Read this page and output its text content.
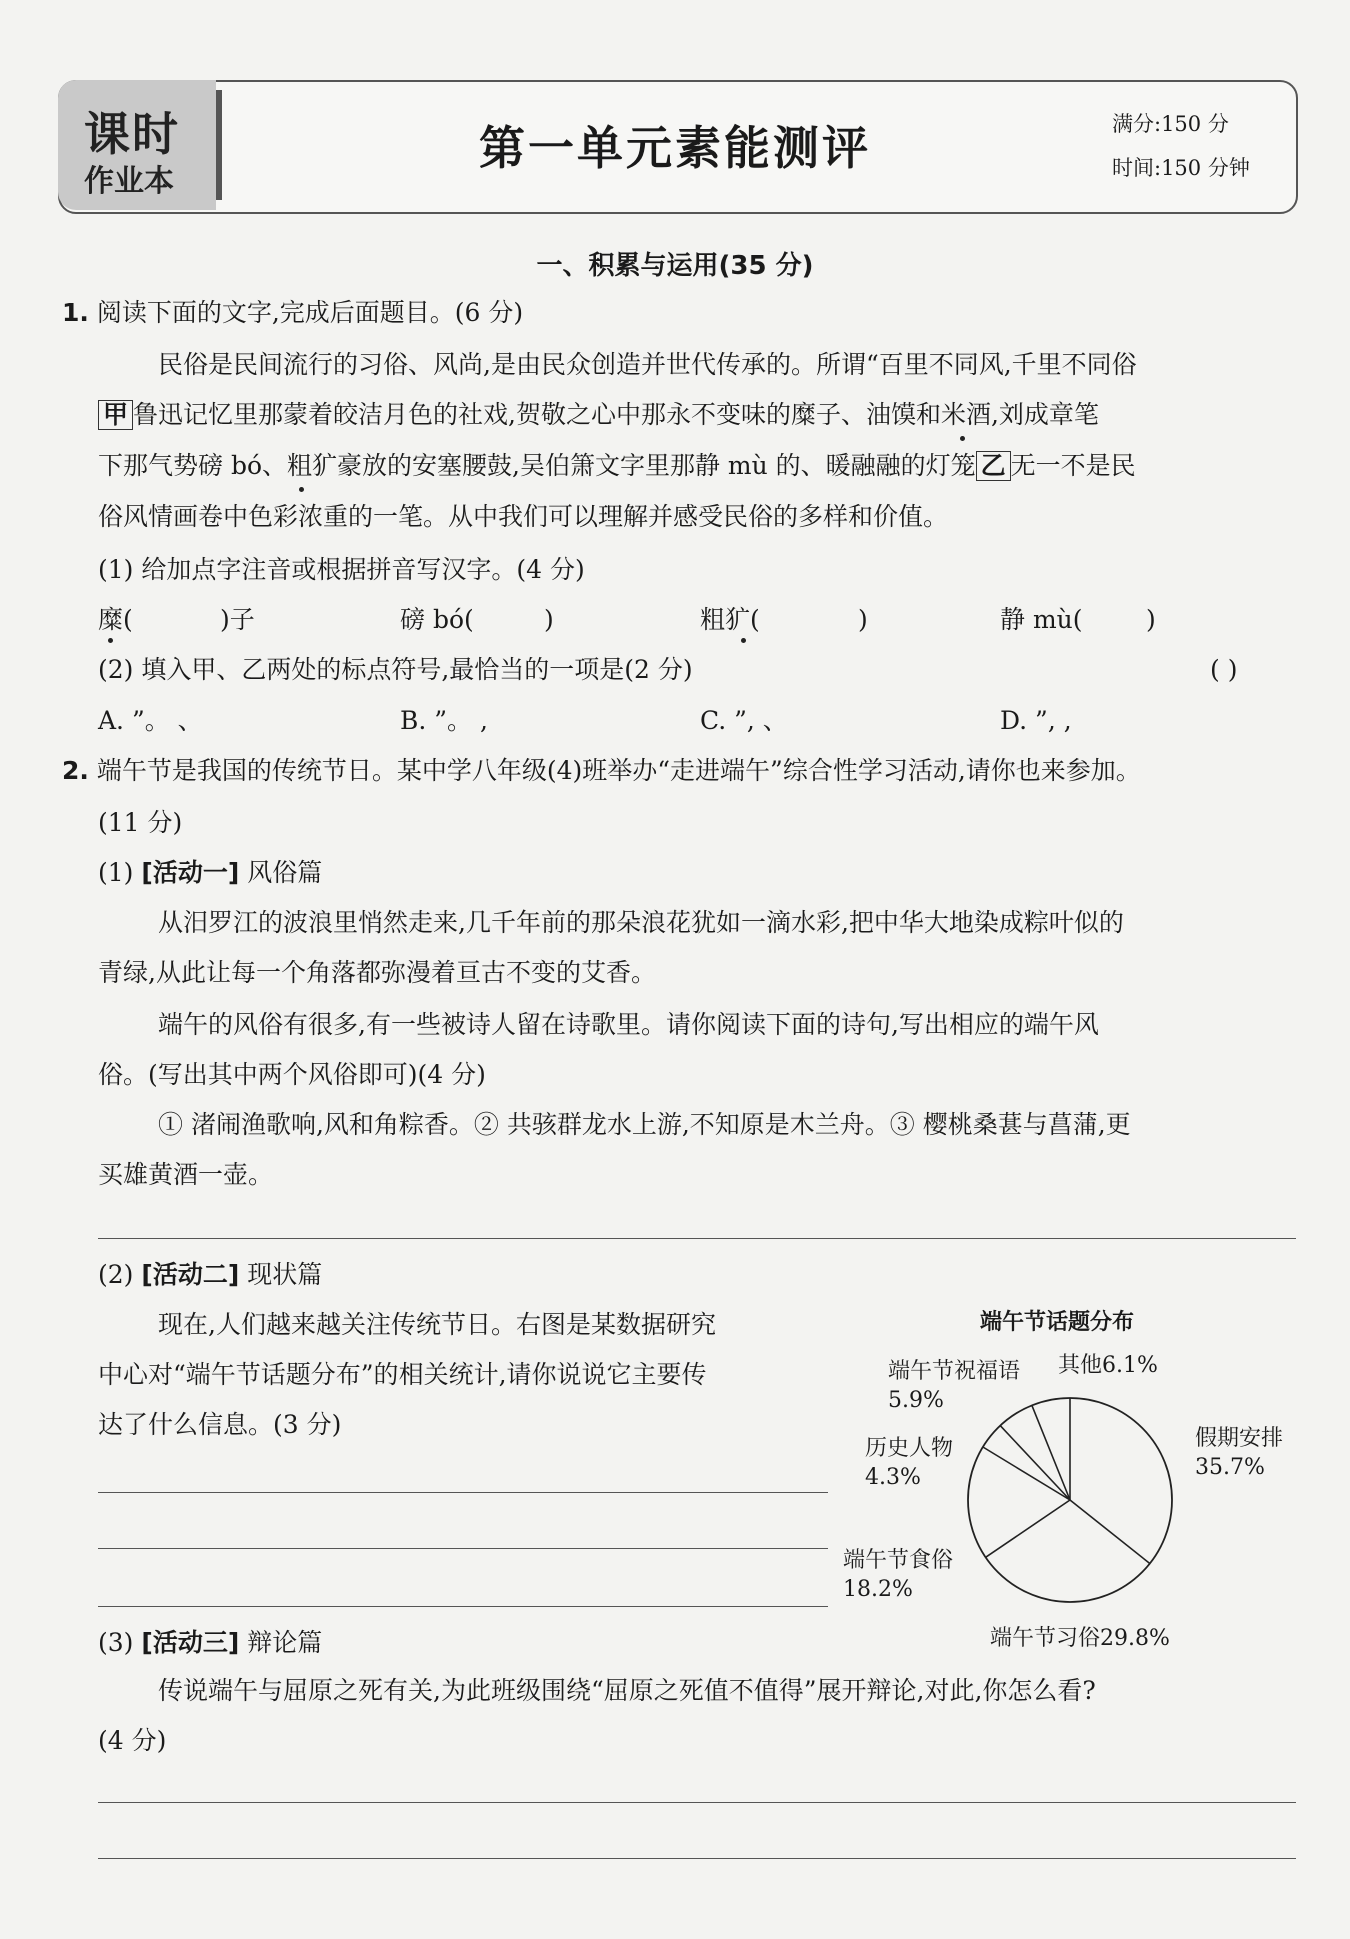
课时
作业本
第一单元素能测评	满分:150 分
时间:150 分钟
一、积累与运用(35 分)
1. 阅读下面的文字,完成后面题目。(6 分)
民俗是民间流行的习俗、风尚,是由民众创造并世代传承的。所谓“百里不同风,千里不同俗
甲 鲁迅记忆里那蒙着皎洁月色的社戏,贺敬之心中那永不变味的糜子、油馍和米酒,刘成章笔
下那气势磅 bó、粗犷豪放的安塞腰鼓,吴伯箫文字里那静 mù 的、暖融融的灯笼 乙 无一不是民
俗风情画卷中色彩浓重的一笔。从中我们可以理解并感受民俗的多样和价值。
(1) 给加点字注音或根据拼音写汉字。(4 分)
糜(	)子	磅 bó(	)	粗犷(	)	静 mù(	)
(2) 填入甲、乙两处的标点符号,最恰当的一项是(2 分)	( )
A. ”。 、	B. ”。 ,	C. ”, 、	D. ”, ,
2. 端午节是我国的传统节日。某中学八年级(4)班举办“走进端午”综合性学习活动,请你也来参加。
(11 分)
(1) [活动一] 风俗篇
从汨罗江的波浪里悄然走来,几千年前的那朵浪花犹如一滴水彩,把中华大地染成粽叶似的
青绿,从此让每一个角落都弥漫着亘古不变的艾香。
端午的风俗有很多,有一些被诗人留在诗歌里。请你阅读下面的诗句,写出相应的端午风
俗。(写出其中两个风俗即可)(4 分)
① 渚闹渔歌响,风和角粽香。② 共骇群龙水上游,不知原是木兰舟。③ 樱桃桑葚与菖蒲,更
买雄黄酒一壶。
(2) [活动二] 现状篇
现在,人们越来越关注传统节日。右图是某数据研究
中心对“端午节话题分布”的相关统计,请你说说它主要传
达了什么信息。(3 分)
端午节话题分布
假期安排
35.7%
端午节习俗29.8%
端午节食俗
18.2%
历史人物
4.3%
端午节祝福语
5.9%
其他6.1%
(3) [活动三] 辩论篇
传说端午与屈原之死有关,为此班级围绕“屈原之死值不值得”展开辩论,对此,你怎么看?
(4 分)
